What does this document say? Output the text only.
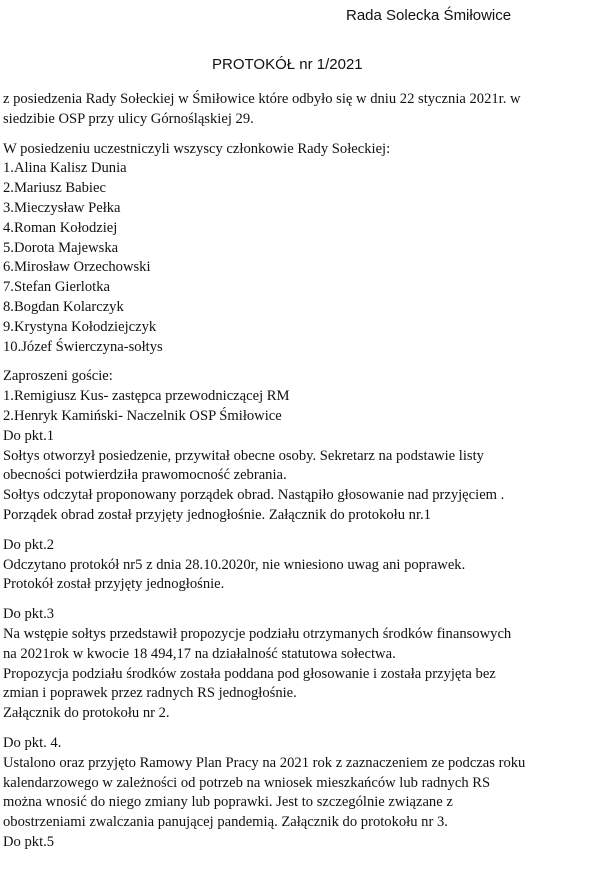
Rada Solecka Śmiłowice
PROTOKÓŁ nr 1/2021
z posiedzenia Rady Sołeckiej w Śmiłowice które odbyło się w dniu 22 stycznia 2021r. w
siedzibie OSP przy ulicy Górnośląskiej 29.
W posiedzeniu uczestniczyli wszyscy członkowie Rady Sołeckiej:
1.Alina Kalisz Dunia
2.Mariusz Babiec
3.Mieczysław Pełka
4.Roman Kołodziej
5.Dorota Majewska
6.Mirosław Orzechowski
7.Stefan Gierlotka
8.Bogdan Kolarczyk
9.Krystyna Kołodziejczyk
10.Józef Świerczyna-sołtys
Zaproszeni goście:
1.Remigiusz Kus- zastępca przewodniczącej RM
2.Henryk Kamiński- Naczelnik OSP Śmiłowice
Do pkt.1
Sołtys otworzył posiedzenie, przywitał obecne osoby. Sekretarz na podstawie listy
obecności potwierdziła prawomocność zebrania.
Sołtys odczytał proponowany porządek obrad. Nastąpiło głosowanie nad przyjęciem .
Porządek obrad został przyjęty jednogłośnie. Załącznik do protokołu nr.1
Do pkt.2
Odczytano protokół nr5 z dnia 28.10.2020r, nie wniesiono uwag ani poprawek.
Protokół został przyjęty jednogłośnie.
Do pkt.3
Na wstępie sołtys przedstawił propozycje podziału otrzymanych środków finansowych
na 2021rok w kwocie 18 494,17 na działalność statutowa sołectwa.
Propozycja podziału środków została poddana pod głosowanie i została przyjęta bez
zmian i poprawek przez radnych RS jednogłośnie.
Załącznik do protokołu nr 2.
Do pkt. 4.
Ustalono oraz przyjęto Ramowy Plan Pracy na 2021 rok z zaznaczeniem ze podczas roku
kalendarzowego w zależności od potrzeb na wniosek mieszkańców lub radnych RS
można wnosić do niego zmiany lub poprawki. Jest to szczególnie związane z
obostrzeniami zwalczania panującej pandemią. Załącznik do protokołu nr 3.
Do pkt.5
